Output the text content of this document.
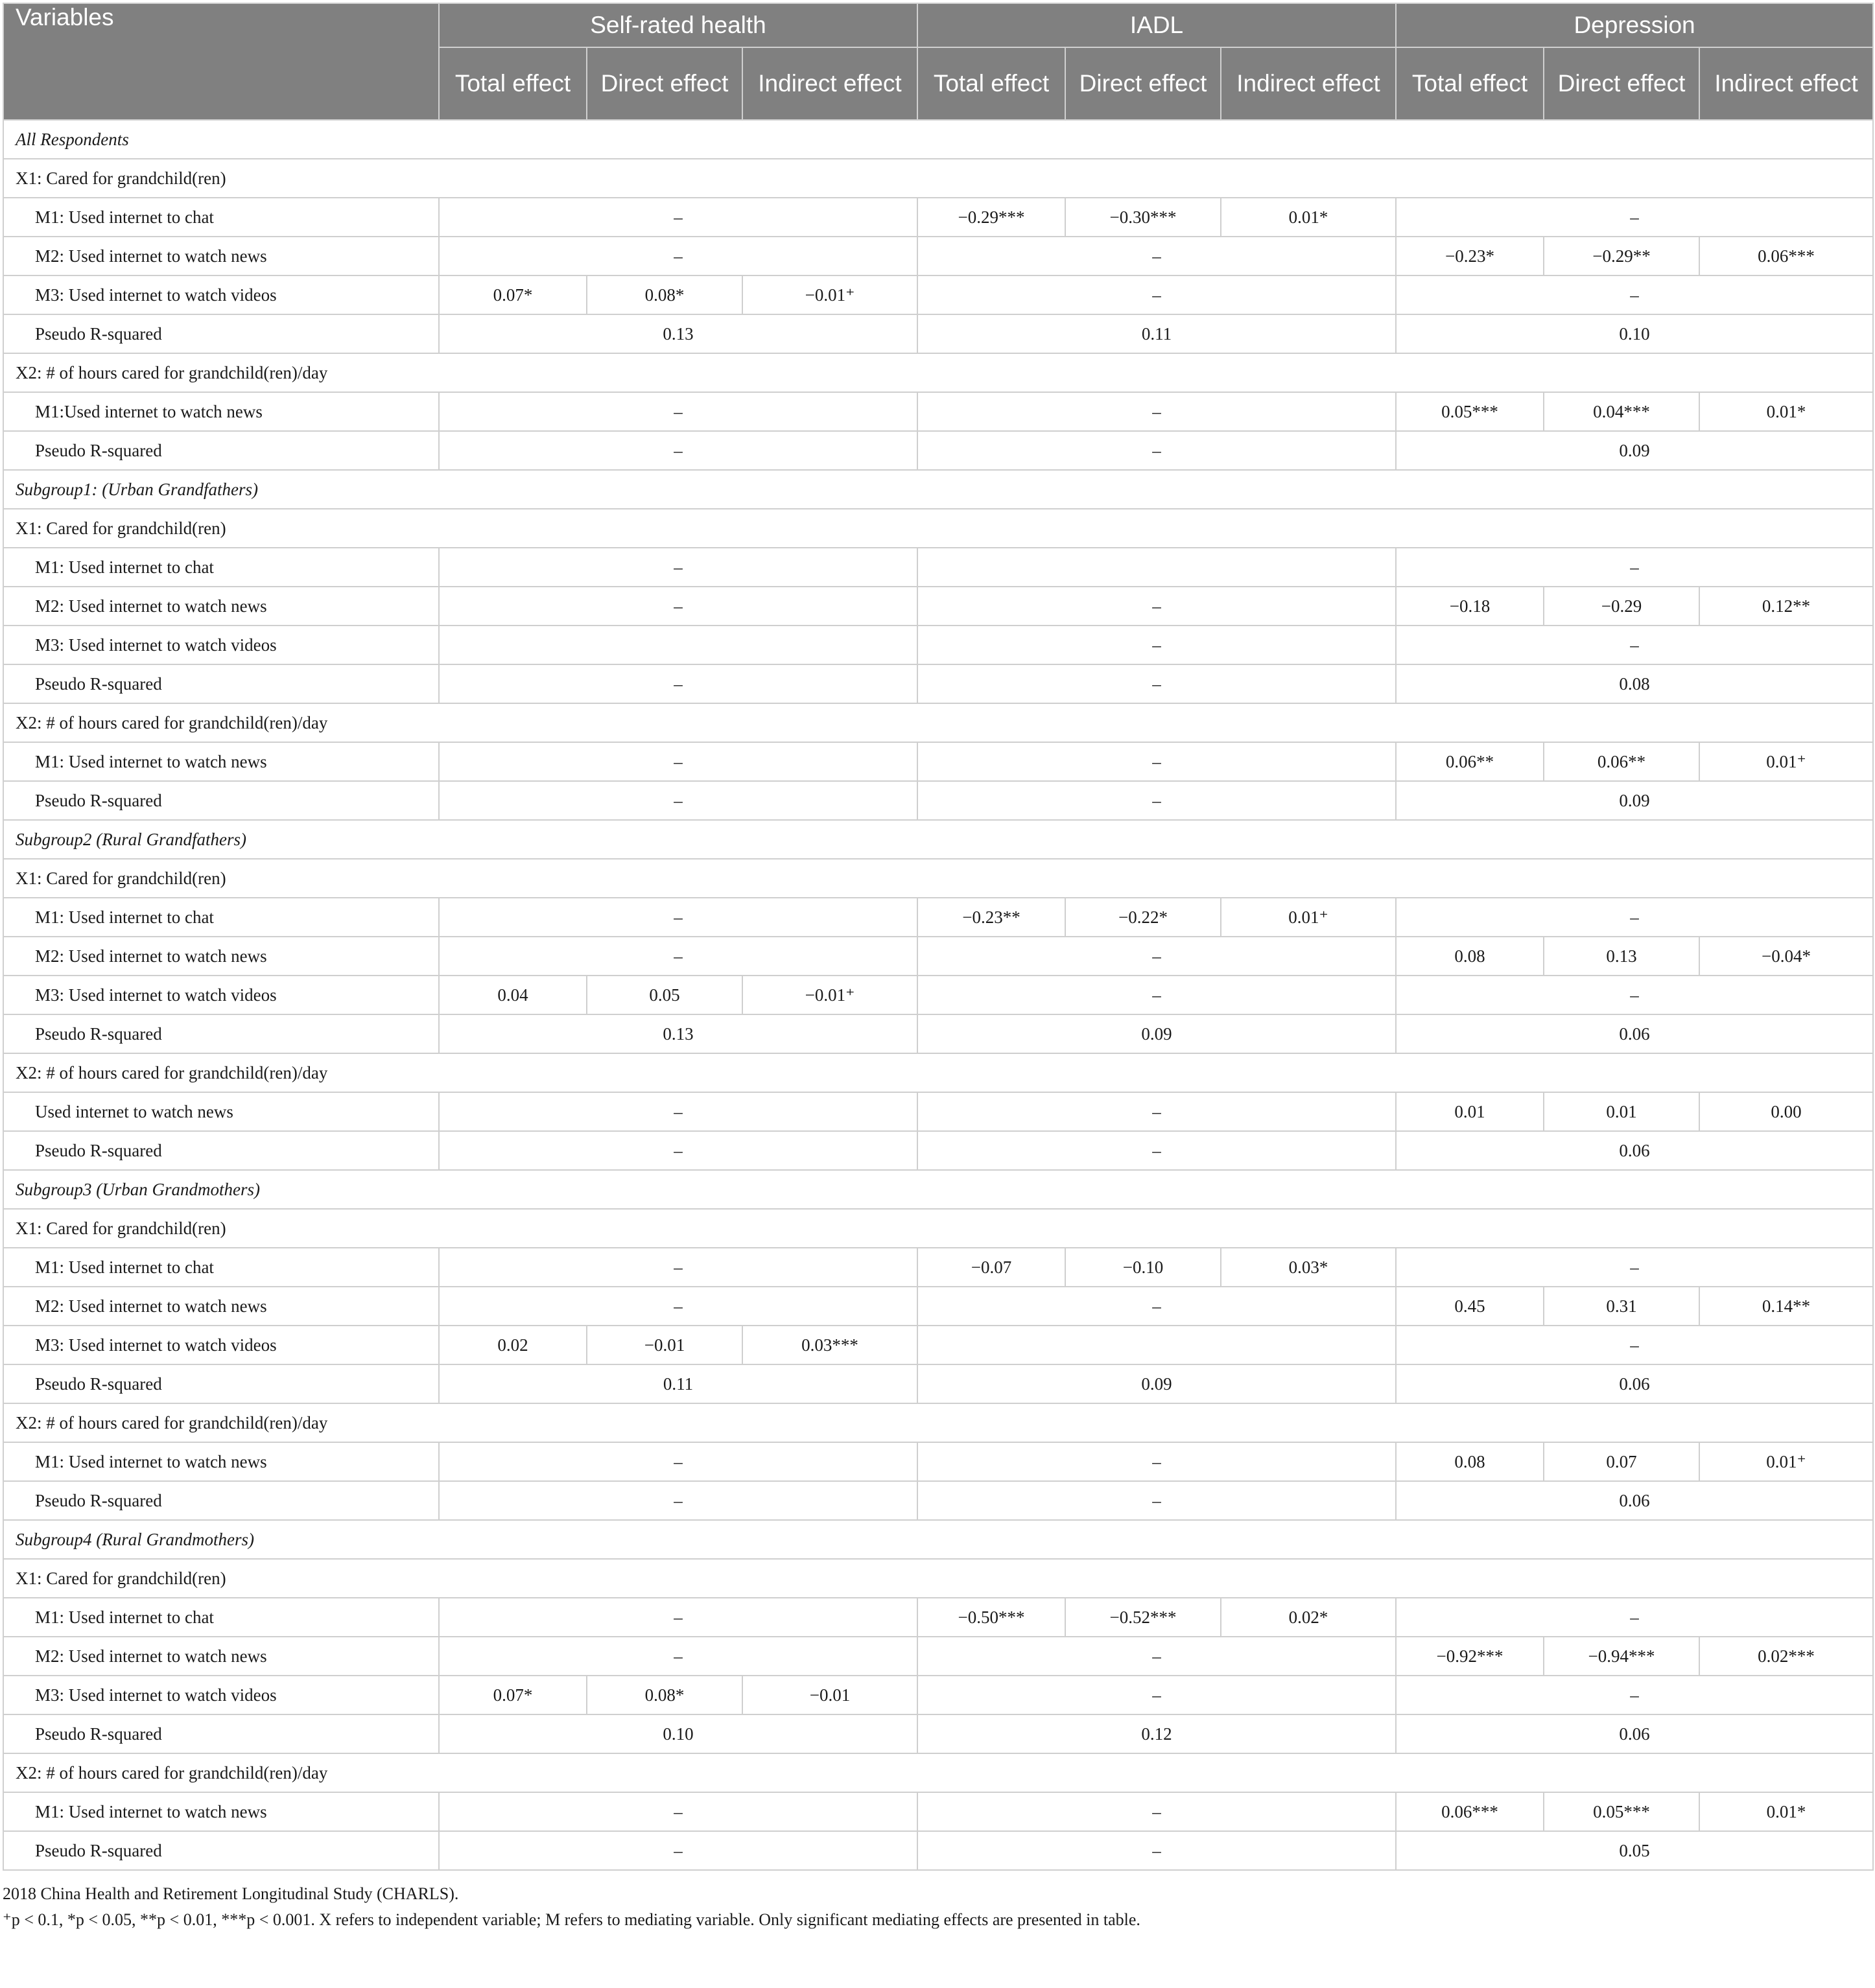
Variables	Self-rated health			IADL			Depression		
	Total effect	Direct effect	Indirect effect	Total effect	Direct effect	Indirect effect	Total effect	Direct effect	Indirect effect
All Respondents									
X1: Cared for grandchild(ren)									
M1: Used internet to chat	–			−0.29***	−0.30***	0.01*	–		
M2: Used internet to watch news	–			–			−0.23*	−0.29**	0.06***
M3: Used internet to watch videos	0.07*	0.08*	−0.01⁺	–			–		
Pseudo R-squared	0.13			0.11			0.10		
X2: # of hours cared for grandchild(ren)/day									
M1:Used internet to watch news	–			–			0.05***	0.04***	0.01*
Pseudo R-squared	–			–			0.09		
Subgroup1: (Urban Grandfathers)									
X1: Cared for grandchild(ren)									
M1: Used internet to chat	–						–		
M2: Used internet to watch news	–			–			−0.18	−0.29	0.12**
M3: Used internet to watch videos				–			–		
Pseudo R-squared	–			–			0.08		
X2: # of hours cared for grandchild(ren)/day									
M1: Used internet to watch news	–			–			0.06**	0.06**	0.01⁺
Pseudo R-squared	–			–			0.09		
Subgroup2 (Rural Grandfathers)									
X1: Cared for grandchild(ren)									
M1: Used internet to chat	–			−0.23**	−0.22*	0.01⁺	–		
M2: Used internet to watch news	–			–			0.08	0.13	−0.04*
M3: Used internet to watch videos	0.04	0.05	−0.01⁺	–			–		
Pseudo R-squared	0.13			0.09			0.06		
X2: # of hours cared for grandchild(ren)/day									
Used internet to watch news	–			–			0.01	0.01	0.00
Pseudo R-squared	–			–			0.06		
Subgroup3 (Urban Grandmothers)									
X1: Cared for grandchild(ren)									
M1: Used internet to chat	–			−0.07	−0.10	0.03*	–		
M2: Used internet to watch news	–			–			0.45	0.31	0.14**
M3: Used internet to watch videos	0.02	−0.01	0.03***				–		
Pseudo R-squared	0.11			0.09			0.06		
X2: # of hours cared for grandchild(ren)/day									
M1: Used internet to watch news	–			–			0.08	0.07	0.01⁺
Pseudo R-squared	–			–			0.06		
Subgroup4 (Rural Grandmothers)									
X1: Cared for grandchild(ren)									
M1: Used internet to chat	–			−0.50***	−0.52***	0.02*	–		
M2: Used internet to watch news	–			–			−0.92***	−0.94***	0.02***
M3: Used internet to watch videos	0.07*	0.08*	−0.01	–			–		
Pseudo R-squared	0.10			0.12			0.06		
X2: # of hours cared for grandchild(ren)/day									
M1: Used internet to watch news	–			–			0.06***	0.05***	0.01*
Pseudo R-squared	–			–			0.05		
2018 China Health and Retirement Longitudinal Study (CHARLS).
⁺p < 0.1, *p < 0.05, **p < 0.01, ***p < 0.001. X refers to independent variable; M refers to mediating variable. Only significant mediating effects are presented in table.
